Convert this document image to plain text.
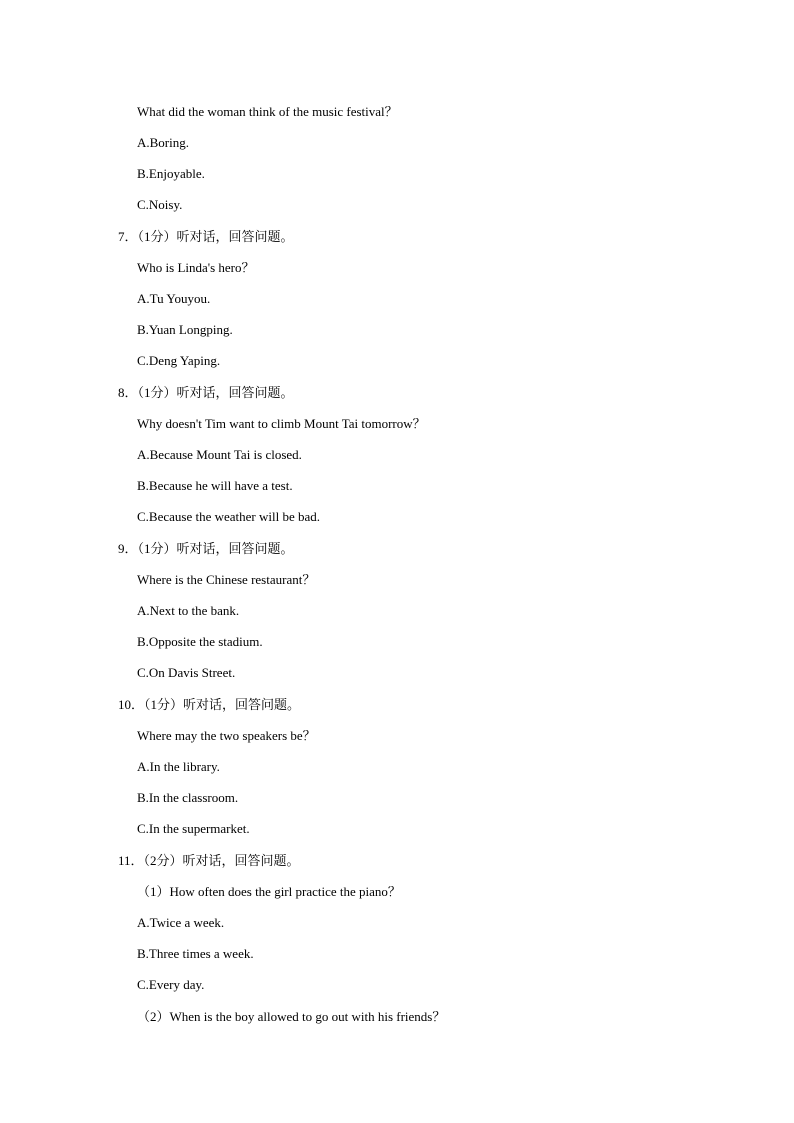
What did the woman think of the music festival？
A.Boring.
B.Enjoyable.
C.Noisy.
7．（1分）听对话，回答问题。
Who is Linda's hero？
A.Tu Youyou.
B.Yuan Longping.
C.Deng Yaping.
8．（1分）听对话，回答问题。
Why doesn't Tim want to climb Mount Tai tomorrow？
A.Because Mount Tai is closed.
B.Because he will have a test.
C.Because the weather will be bad.
9．（1分）听对话，回答问题。
Where is the Chinese restaurant？
A.Next to the bank.
B.Opposite the stadium.
C.On Davis Street.
10．（1分）听对话，回答问题。
Where may the two speakers be？
A.In the library.
B.In the classroom.
C.In the supermarket.
11．（2分）听对话，回答问题。
（1）How often does the girl practice the piano？
A.Twice a week.
B.Three times a week.
C.Every day.
（2）When is the boy allowed to go out with his friends？
